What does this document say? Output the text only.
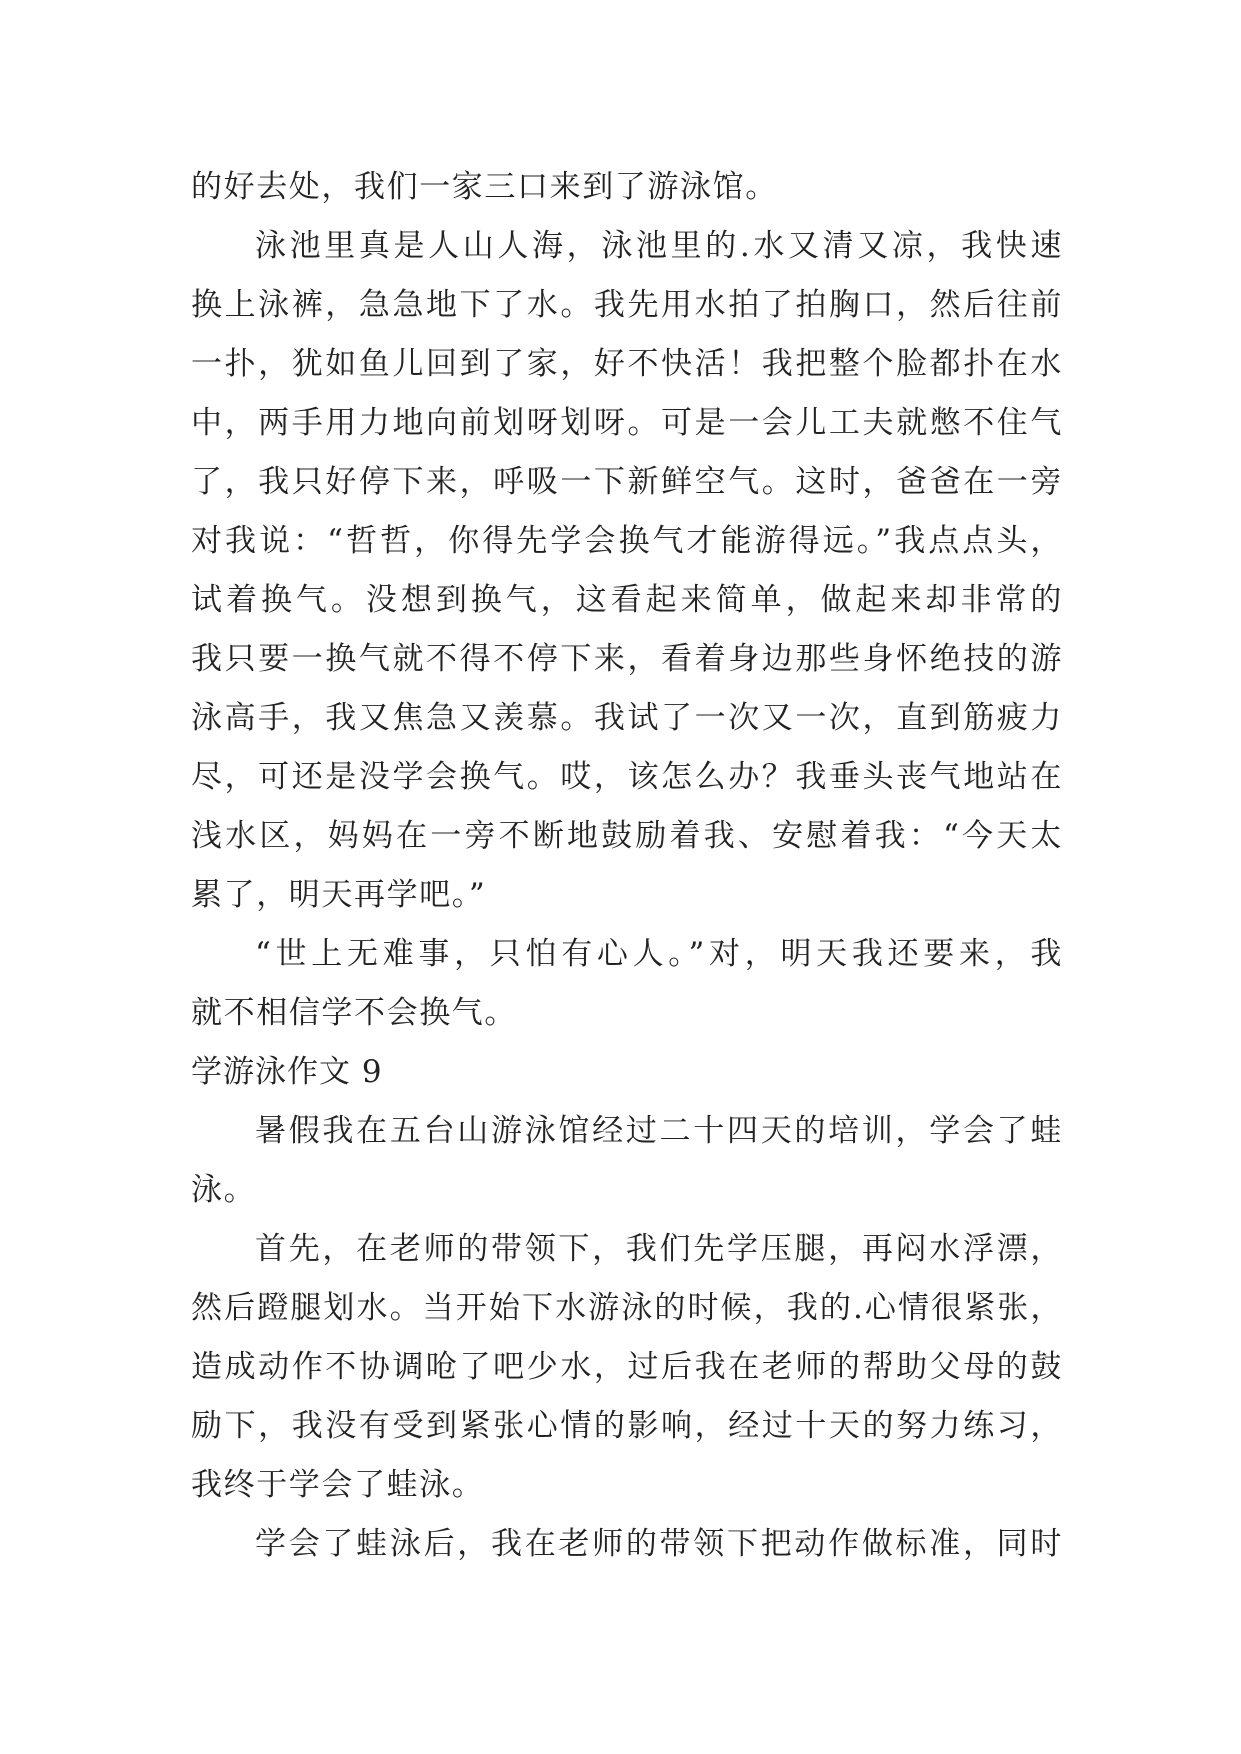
的好去处，我们一家三口来到了游泳馆。
泳池里真是人山人海，泳池里的.水又清又凉，我快速
换上泳裤，急急地下了水。我先用水拍了拍胸口，然后往前
一扑，犹如鱼儿回到了家，好不快活！我把整个脸都扑在水
中，两手用力地向前划呀划呀。可是一会儿工夫就憋不住气
了，我只好停下来，呼吸一下新鲜空气。这时，爸爸在一旁
对我说：“哲哲，你得先学会换气才能游得远。”我点点头，
试着换气。没想到换气，这看起来简单，做起来却非常的
我只要一换气就不得不停下来，看着身边那些身怀绝技的游
泳高手，我又焦急又羡慕。我试了一次又一次，直到筋疲力
尽，可还是没学会换气。哎，该怎么办？我垂头丧气地站在
浅水区，妈妈在一旁不断地鼓励着我、安慰着我：“今天太
累了，明天再学吧。”
“世上无难事，只怕有心人。”对，明天我还要来，我
就不相信学不会换气。
学游泳作文 9
暑假我在五台山游泳馆经过二十四天的培训，学会了蛙
泳。
首先，在老师的带领下，我们先学压腿，再闷水浮漂，
然后蹬腿划水。当开始下水游泳的时候，我的.心情很紧张，
造成动作不协调呛了吧少水，过后我在老师的帮助父母的鼓
励下，我没有受到紧张心情的影响，经过十天的努力练习，
我终于学会了蛙泳。
学会了蛙泳后，我在老师的带领下把动作做标准，同时
